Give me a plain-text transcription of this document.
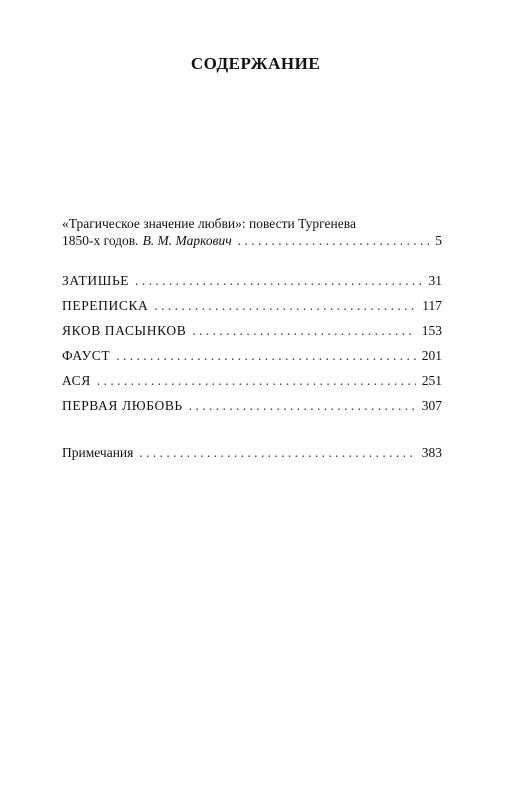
СОДЕРЖАНИЕ
«Трагическое значение любви»: повести Тургенева
1850-х годов. В. М. Маркович . . .	5
ЗАТИШЬЕ . . .	31
ПЕРЕПИСКА . . .	117
ЯКОВ ПАСЫНКОВ . . .	153
ФАУСТ . . .	201
АСЯ . . .	251
ПЕРВАЯ ЛЮБОВЬ . . .	307
Примечания . . .	383
